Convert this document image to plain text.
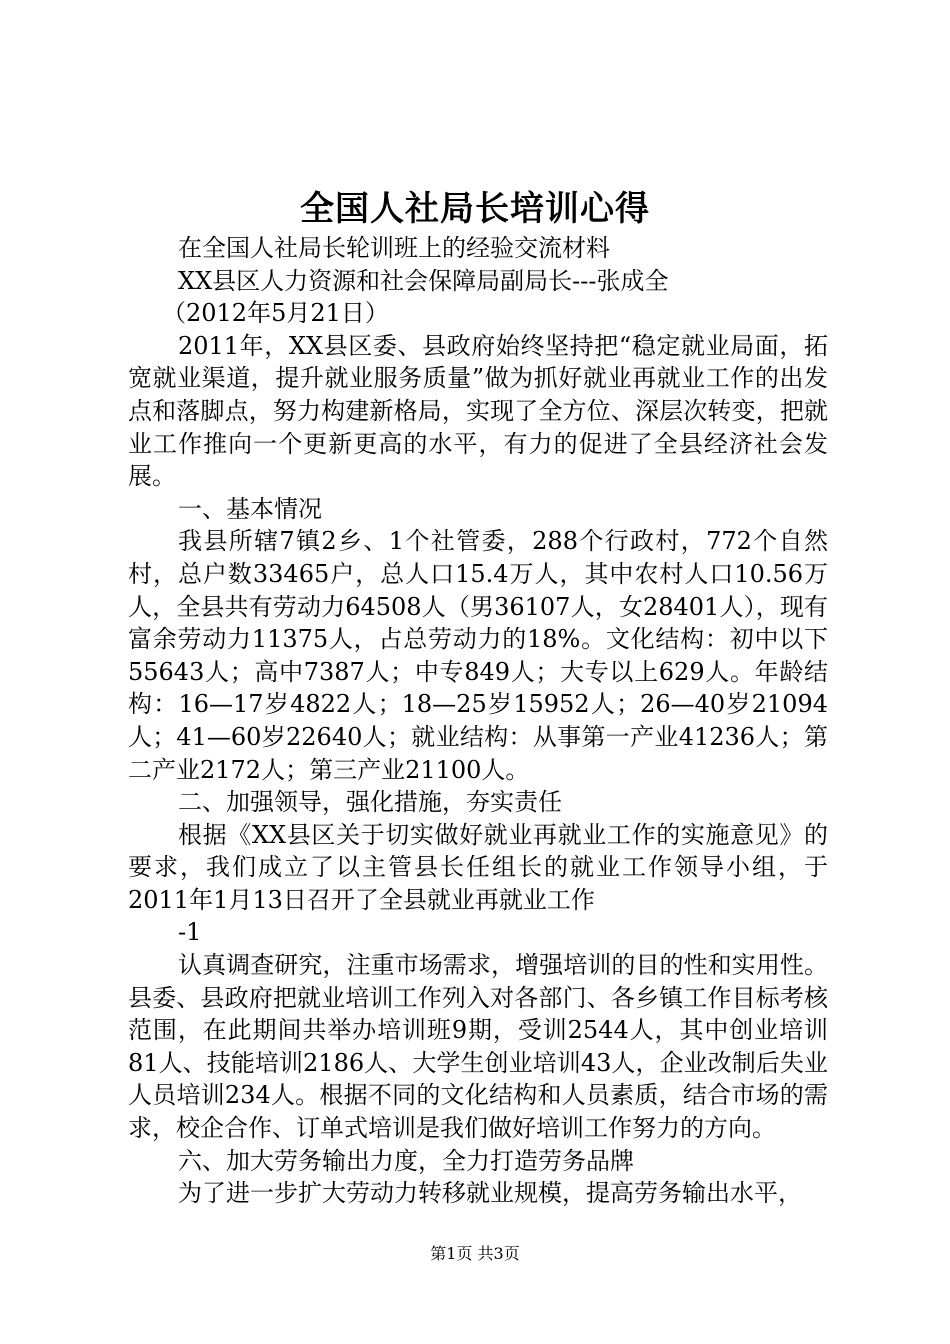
全国人社局长培训心得

在全国人社局长轮训班上的经验交流材料

XX县区人力资源和社会保障局副局长---张成全

（2012年5月21日）

2011年，XX县区委、县政府始终坚持把“稳定就业局面，拓宽就业渠道，提升就业服务质量”做为抓好就业再就业工作的出发点和落脚点，努力构建新格局，实现了全方位、深层次转变，把就业工作推向一个更新更高的水平，有力的促进了全县经济社会发展。

一、基本情况

我县所辖7镇2乡、1个社管委，288个行政村，772个自然村，总户数33465户，总人口15.4万人，其中农村人口10.56万人，全县共有劳动力64508人（男36107人，女28401人），现有富余劳动力11375人，占总劳动力的18%。文化结构：初中以下55643人；高中7387人；中专849人；大专以上629人。年龄结构：16—17岁4822人；18—25岁15952人；26—40岁21094人；41—60岁22640人；就业结构：从事第一产业41236人；第二产业2172人；第三产业21100人。

二、加强领导，强化措施，夯实责任

根据《XX县区关于切实做好就业再就业工作的实施意见》的要求，我们成立了以主管县长任组长的就业工作领导小组，于2011年1月13日召开了全县就业再就业工作

-1

认真调查研究，注重市场需求，增强培训的目的性和实用性。县委、县政府把就业培训工作列入对各部门、各乡镇工作目标考核范围，在此期间共举办培训班9期，受训2544人，其中创业培训81人、技能培训2186人、大学生创业培训43人，企业改制后失业人员培训234人。根据不同的文化结构和人员素质，结合市场的需求，校企合作、订单式培训是我们做好培训工作努力的方向。

六、加大劳务输出力度，全力打造劳务品牌

为了进一步扩大劳动力转移就业规模，提高劳务输出水平，

第1页 共3页
